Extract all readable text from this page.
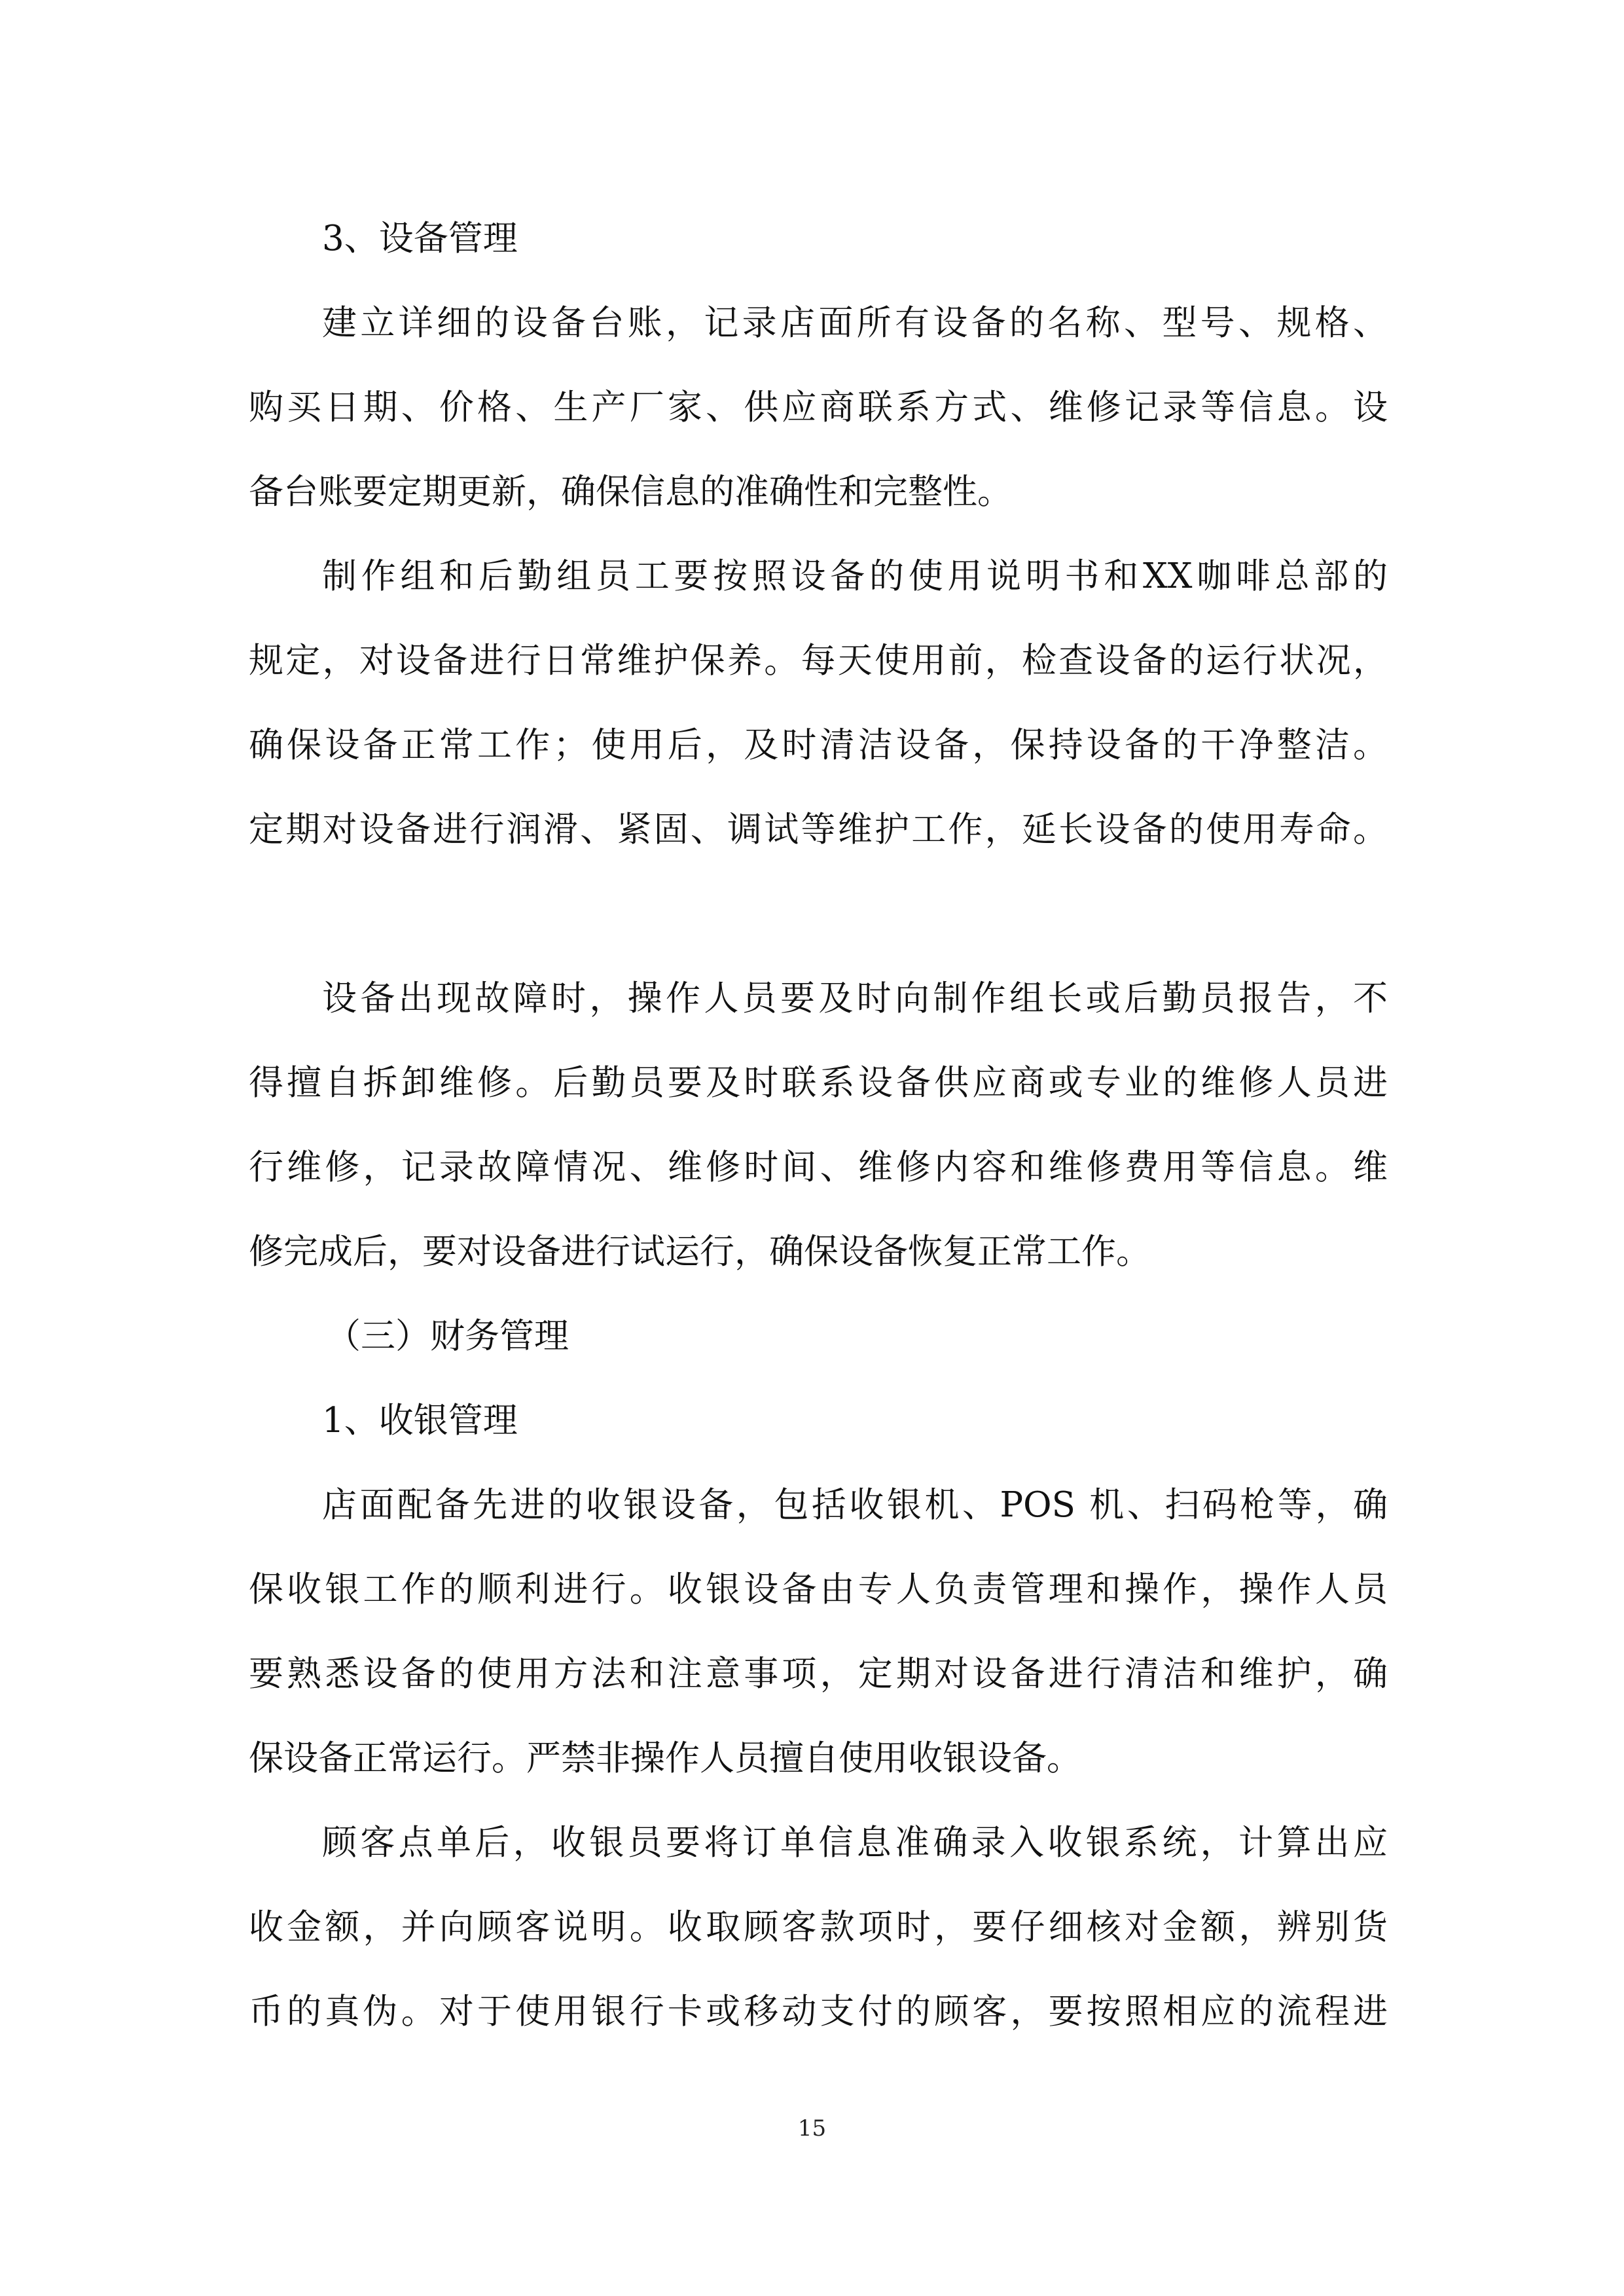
3、设备管理
建立详细的设备台账，记录店面所有设备的名称、型号、规格、
购买日期、价格、生产厂家、供应商联系方式、维修记录等信息。设
备台账要定期更新，确保信息的准确性和完整性。
制作组和后勤组员工要按照设备的使用说明书和XX咖啡总部的
规定，对设备进行日常维护保养。每天使用前，检查设备的运行状况，
确保设备正常工作；使用后，及时清洁设备，保持设备的干净整洁。
定期对设备进行润滑、紧固、调试等维护工作，延长设备的使用寿命。
设备出现故障时，操作人员要及时向制作组长或后勤员报告，不
得擅自拆卸维修。后勤员要及时联系设备供应商或专业的维修人员进
行维修，记录故障情况、维修时间、维修内容和维修费用等信息。维
修完成后，要对设备进行试运行，确保设备恢复正常工作。
（三）财务管理
1、收银管理
店面配备先进的收银设备，包括收银机、POS 机、扫码枪等，确
保收银工作的顺利进行。收银设备由专人负责管理和操作，操作人员
要熟悉设备的使用方法和注意事项，定期对设备进行清洁和维护，确
保设备正常运行。严禁非操作人员擅自使用收银设备。
顾客点单后，收银员要将订单信息准确录入收银系统，计算出应
收金额，并向顾客说明。收取顾客款项时，要仔细核对金额，辨别货
币的真伪。对于使用银行卡或移动支付的顾客，要按照相应的流程进
15
